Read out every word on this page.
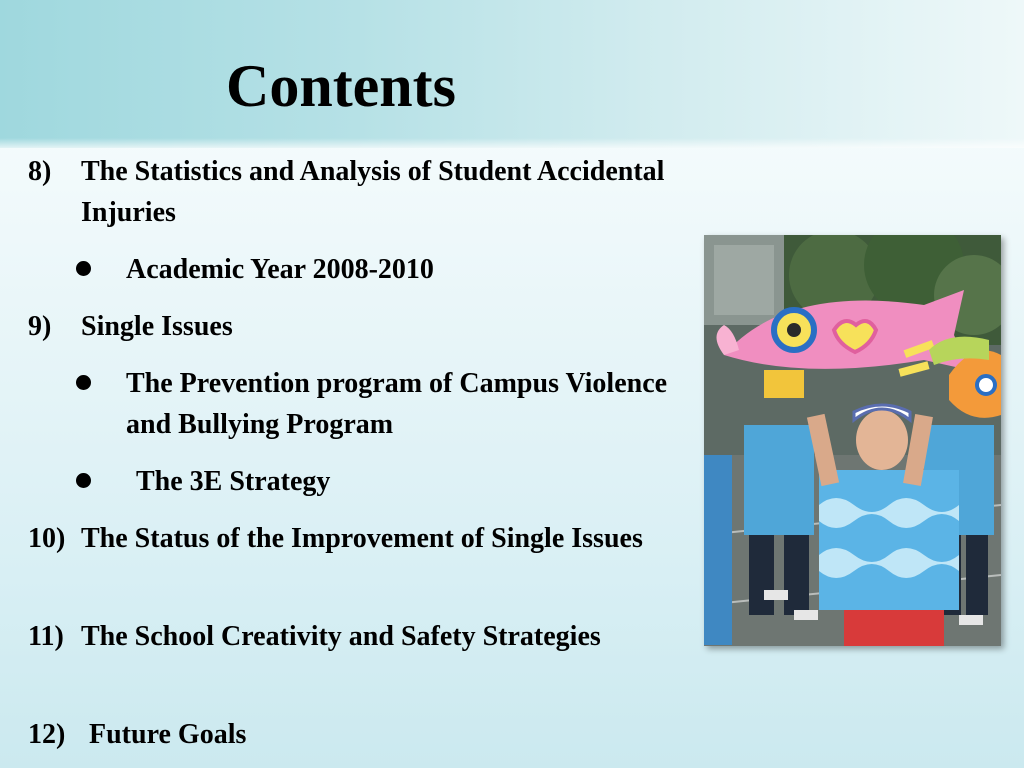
Contents
8) The Statistics and Analysis of Student Accidental Injuries
Academic Year 2008-2010
9) Single Issues
The Prevention program of Campus Violence and Bullying Program
The 3E Strategy
10) The Status of the Improvement of Single Issues
11) The School Creativity and Safety Strategies
12) Future Goals
